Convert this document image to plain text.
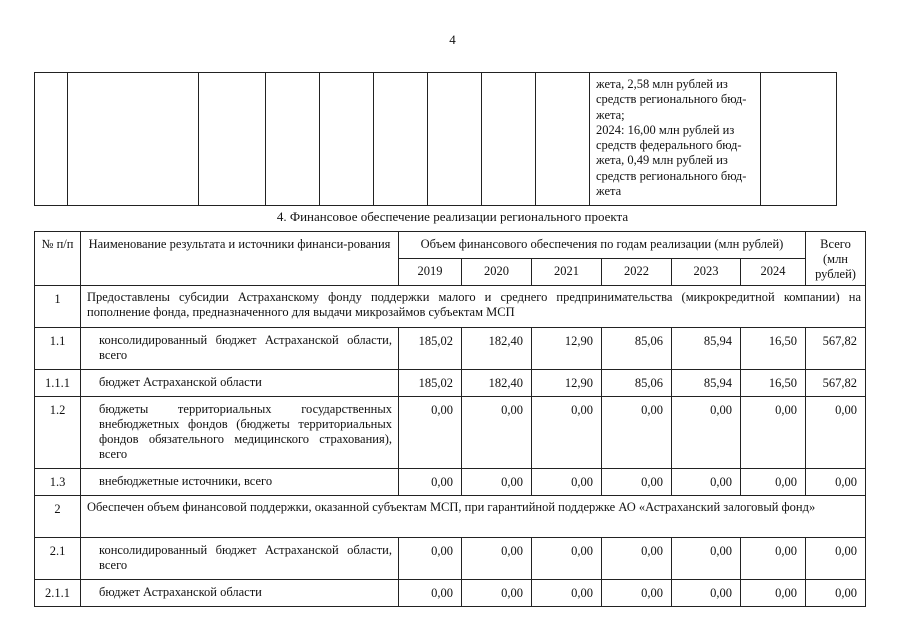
4

жета, 2,58 млн рублей из
средств регионального бюд-
жета;
2024: 16,00 млн рублей из
средств федерального бюд-
жета, 0,49 млн рублей из
средств регионального бюд-
жета

4. Финансовое обеспечение реализации регионального проекта
№ п/п	Наименование результата и источники финанси-рования	Объем финансового обеспечения по годам реализации (млн рублей)						Всего (млн рублей)
		2019	2020	2021	2022	2023	2024	
1	Предоставлены субсидии Астраханскому фонду поддержки малого и среднего предпринимательства (микрокредитной компании) на пополнение фонда, предназначенного для выдачи микрозаймов субъектам МСП							
1.1	консолидированный бюджет Астраханской области, всего	185,02	182,40	12,90	85,06	85,94	16,50	567,82
1.1.1	бюджет Астраханской области	185,02	182,40	12,90	85,06	85,94	16,50	567,82
1.2	бюджеты территориальных государственных внебюджетных фондов (бюджеты территориальных фондов обязательного медицинского страхования), всего	0,00	0,00	0,00	0,00	0,00	0,00	0,00
1.3	внебюджетные источники, всего	0,00	0,00	0,00	0,00	0,00	0,00	0,00
2	Обеспечен объем финансовой поддержки, оказанной субъектам МСП, при гарантийной поддержке АО «Астраханский залоговый фонд»							
2.1	консолидированный бюджет Астраханской области, всего	0,00	0,00	0,00	0,00	0,00	0,00	0,00
2.1.1	бюджет Астраханской области	0,00	0,00	0,00	0,00	0,00	0,00	0,00
